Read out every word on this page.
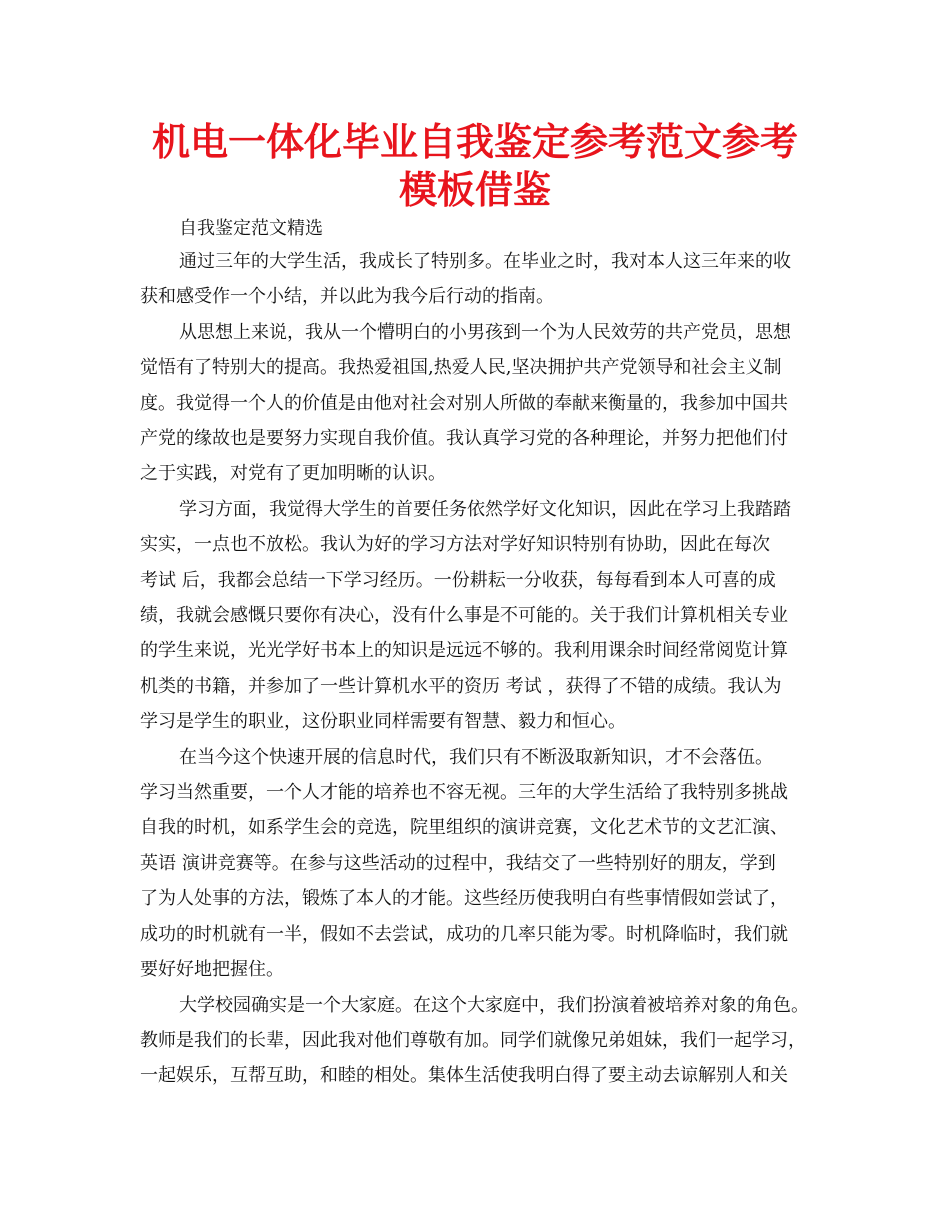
机电一体化毕业自我鉴定参考范文参考模板借鉴

自我鉴定范文精选

通过三年的大学生活，我成长了特别多。在毕业之时，我对本人这三年来的收

获和感受作一个小结，并以此为我今后行动的指南。

从思想上来说，我从一个懵明白的小男孩到一个为人民效劳的共产党员，思想

觉悟有了特别大的提高。我热爱祖国,热爱人民,坚决拥护共产党领导和社会主义制

度。我觉得一个人的价值是由他对社会对别人所做的奉献来衡量的，我参加中国共

产党的缘故也是要努力实现自我价值。我认真学习党的各种理论，并努力把他们付

之于实践，对党有了更加明晰的认识。

学习方面，我觉得大学生的首要任务依然学好文化知识，因此在学习上我踏踏

实实，一点也不放松。我认为好的学习方法对学好知识特别有协助，因此在每次

考试 后，我都会总结一下学习经历。一份耕耘一分收获，每每看到本人可喜的成

绩，我就会感慨只要你有决心，没有什么事是不可能的。关于我们计算机相关专业

的学生来说，光光学好书本上的知识是远远不够的。我利用课余时间经常阅览计算

机类的书籍，并参加了一些计算机水平的资历 考试 ，获得了不错的成绩。我认为

学习是学生的职业，这份职业同样需要有智慧、毅力和恒心。

在当今这个快速开展的信息时代，我们只有不断汲取新知识，才不会落伍。

学习当然重要，一个人才能的培养也不容无视。三年的大学生活给了我特别多挑战

自我的时机，如系学生会的竞选，院里组织的演讲竞赛，文化艺术节的文艺汇演、

英语 演讲竞赛等。在参与这些活动的过程中，我结交了一些特别好的朋友，学到

了为人处事的方法，锻炼了本人的才能。这些经历使我明白有些事情假如尝试了，

成功的时机就有一半，假如不去尝试，成功的几率只能为零。时机降临时，我们就

要好好地把握住。

大学校园确实是一个大家庭。在这个大家庭中，我们扮演着被培养对象的角色。

教师是我们的长辈，因此我对他们尊敬有加。同学们就像兄弟姐妹，我们一起学习，

一起娱乐，互帮互助，和睦的相处。集体生活使我明白得了要主动去谅解别人和关
